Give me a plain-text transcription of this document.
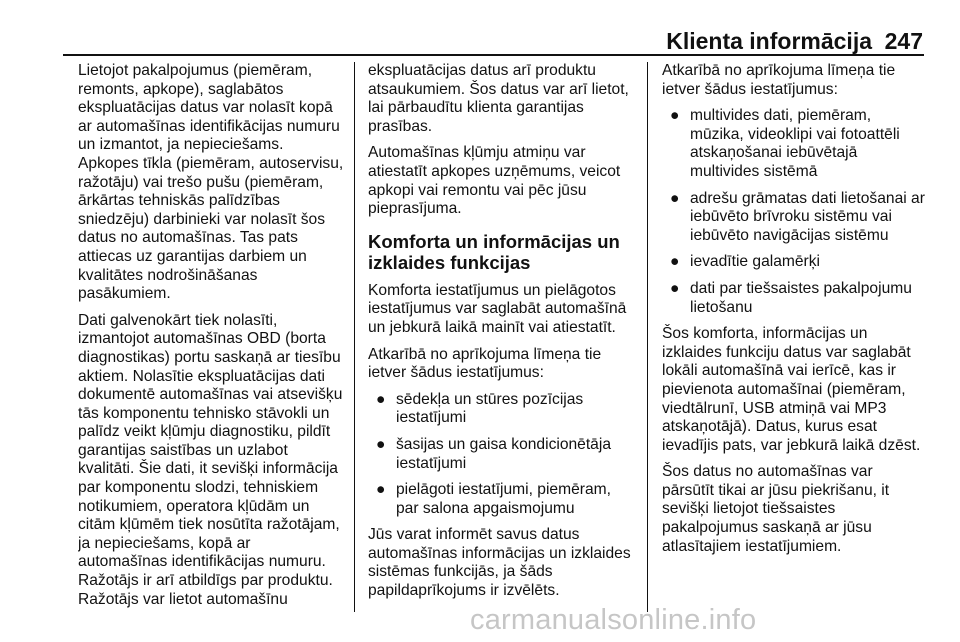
Klienta informācija 247

Lietojot pakalpojumus (piemēram, remonts, apkope), saglabātos ekspluatācijas datus var nolasīt kopā ar automašīnas identifikācijas numuru un izmantot, ja nepieciešams. Apkopes tīkla (piemēram, autoservisu, ražotāju) vai trešo pušu (piemēram, ārkārtas tehniskās palīdzības sniedzēju) darbinieki var nolasīt šos datus no automašīnas. Tas pats attiecas uz garantijas darbiem un kvalitātes nodrošināšanas pasākumiem.

Dati galvenokārt tiek nolasīti, izmantojot automašīnas OBD (borta diagnostikas) portu saskaņā ar tiesību aktiem. Nolasītie ekspluatācijas dati dokumentē automašīnas vai atsevišķu tās komponentu tehnisko stāvokli un palīdz veikt kļūmju diagnostiku, pildīt garantijas saistības un uzlabot kvalitāti. Šie dati, it sevišķi informācija par komponentu slodzi, tehniskiem notikumiem, operatora kļūdām un citām kļūmēm tiek nosūtīta ražotājam, ja nepieciešams, kopā ar automašīnas identifikācijas numuru. Ražotājs ir arī atbildīgs par produktu. Ražotājs var lietot automašīnu

ekspluatācijas datus arī produktu atsaukumiem. Šos datus var arī lietot, lai pārbaudītu klienta garantijas prasības.

Automašīnas kļūmju atmiņu var atiestatīt apkopes uzņēmums, veicot apkopi vai remontu vai pēc jūsu pieprasījuma.

Komforta un informācijas un izklaides funkcijas

Komforta iestatījumus un pielāgotos iestatījumus var saglabāt automašīnā un jebkurā laikā mainīt vai atiestatīt.

Atkarībā no aprīkojuma līmeņa tie ietver šādus iestatījumus:

● sēdekļa un stūres pozīcijas iestatījumi
● šasijas un gaisa kondicionētāja iestatījumi
● pielāgoti iestatījumi, piemēram, par salona apgaismojumu

Jūs varat informēt savus datus automašīnas informācijas un izklaides sistēmas funkcijās, ja šāds papildaprīkojums ir izvēlēts.

Atkarībā no aprīkojuma līmeņa tie ietver šādus iestatījumus:

● multivides dati, piemēram, mūzika, videoklipi vai fotoattēli atskaņošanai iebūvētajā multivides sistēmā
● adrešu grāmatas dati lietošanai ar iebūvēto brīvroku sistēmu vai iebūvēto navigācijas sistēmu
● ievadītie galamērķi
● dati par tiešsaistes pakalpojumu lietošanu

Šos komforta, informācijas un izklaides funkciju datus var saglabāt lokāli automašīnā vai ierīcē, kas ir pievienota automašīnai (piemēram, viedtālrunī, USB atmiņā vai MP3 atskaņotājā). Datus, kurus esat ievadījis pats, var jebkurā laikā dzēst.

Šos datus no automašīnas var pārsūtīt tikai ar jūsu piekrišanu, it sevišķi lietojot tiešsaistes pakalpojumus saskaņā ar jūsu atlasītajiem iestatījumiem.

carmanualsonline.info
